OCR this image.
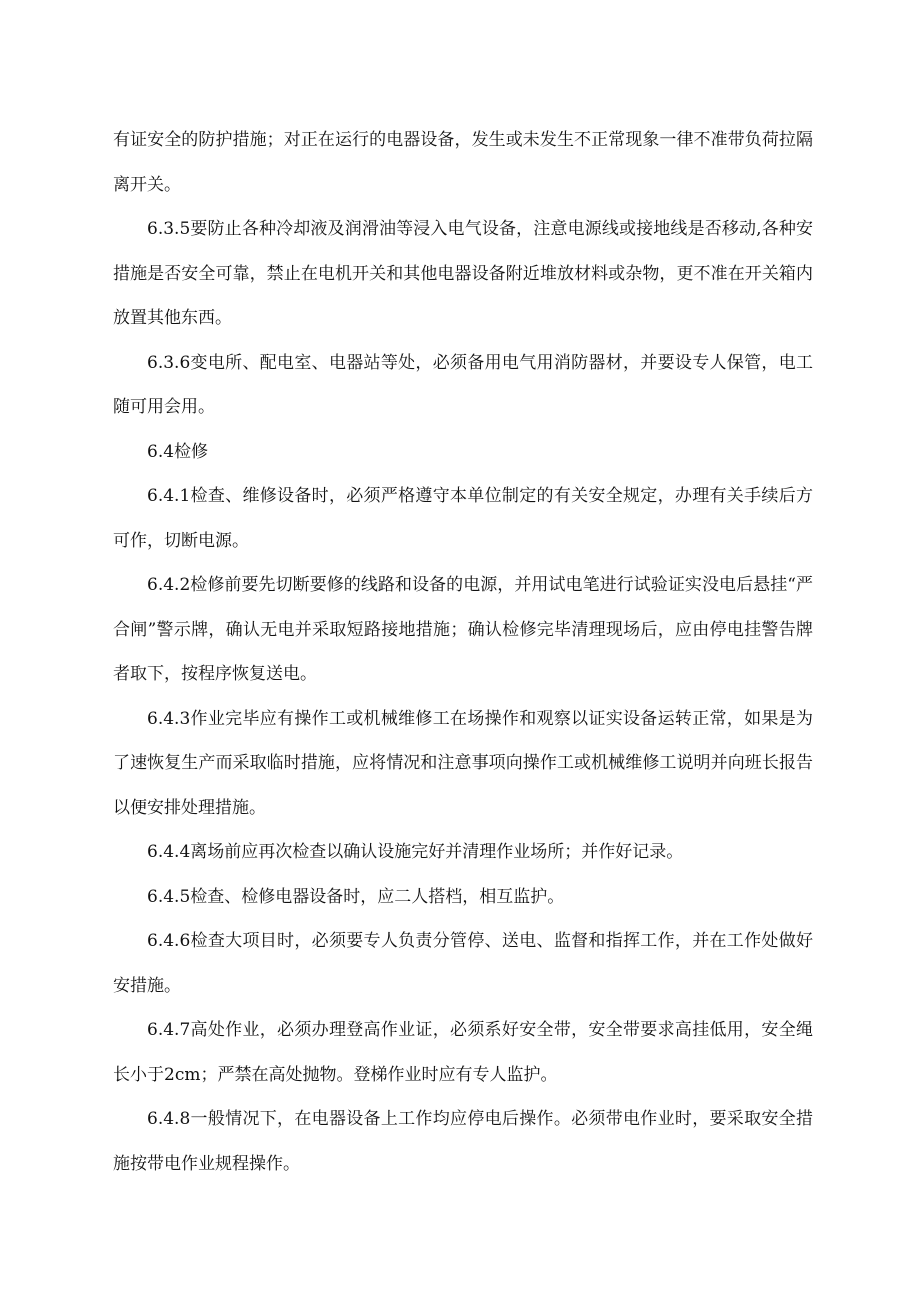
有证安全的防护措施；对正在运行的电器设备，发生或未发生不正常现象一律不准带负荷拉隔离开关。

6.3.5要防止各种冷却液及润滑油等浸入电气设备，注意电源线或接地线是否移动,各种安措施是否安全可靠，禁止在电机开关和其他电器设备附近堆放材料或杂物，更不准在开关箱内放置其他东西。

6.3.6变电所、配电室、电器站等处，必须备用电气用消防器材，并要设专人保管，电工随可用会用。

6.4检修

6.4.1检查、维修设备时，必须严格遵守本单位制定的有关安全规定，办理有关手续后方可作，切断电源。

6.4.2检修前要先切断要修的线路和设备的电源，并用试电笔进行试验证实没电后悬挂“严合闸”警示牌，确认无电并采取短路接地措施；确认检修完毕清理现场后，应由停电挂警告牌者取下，按程序恢复送电。

6.4.3作业完毕应有操作工或机械维修工在场操作和观察以证实设备运转正常，如果是为了速恢复生产而采取临时措施，应将情况和注意事项向操作工或机械维修工说明并向班长报告以便安排处理措施。

6.4.4离场前应再次检查以确认设施完好并清理作业场所；并作好记录。

6.4.5检查、检修电器设备时，应二人搭档，相互监护。

6.4.6检查大项目时，必须要专人负责分管停、送电、监督和指挥工作，并在工作处做好安措施。

6.4.7高处作业，必须办理登高作业证，必须系好安全带，安全带要求高挂低用，安全绳长小于2cm；严禁在高处抛物。登梯作业时应有专人监护。

6.4.8一般情况下，在电器设备上工作均应停电后操作。必须带电作业时，要采取安全措施按带电作业规程操作。
